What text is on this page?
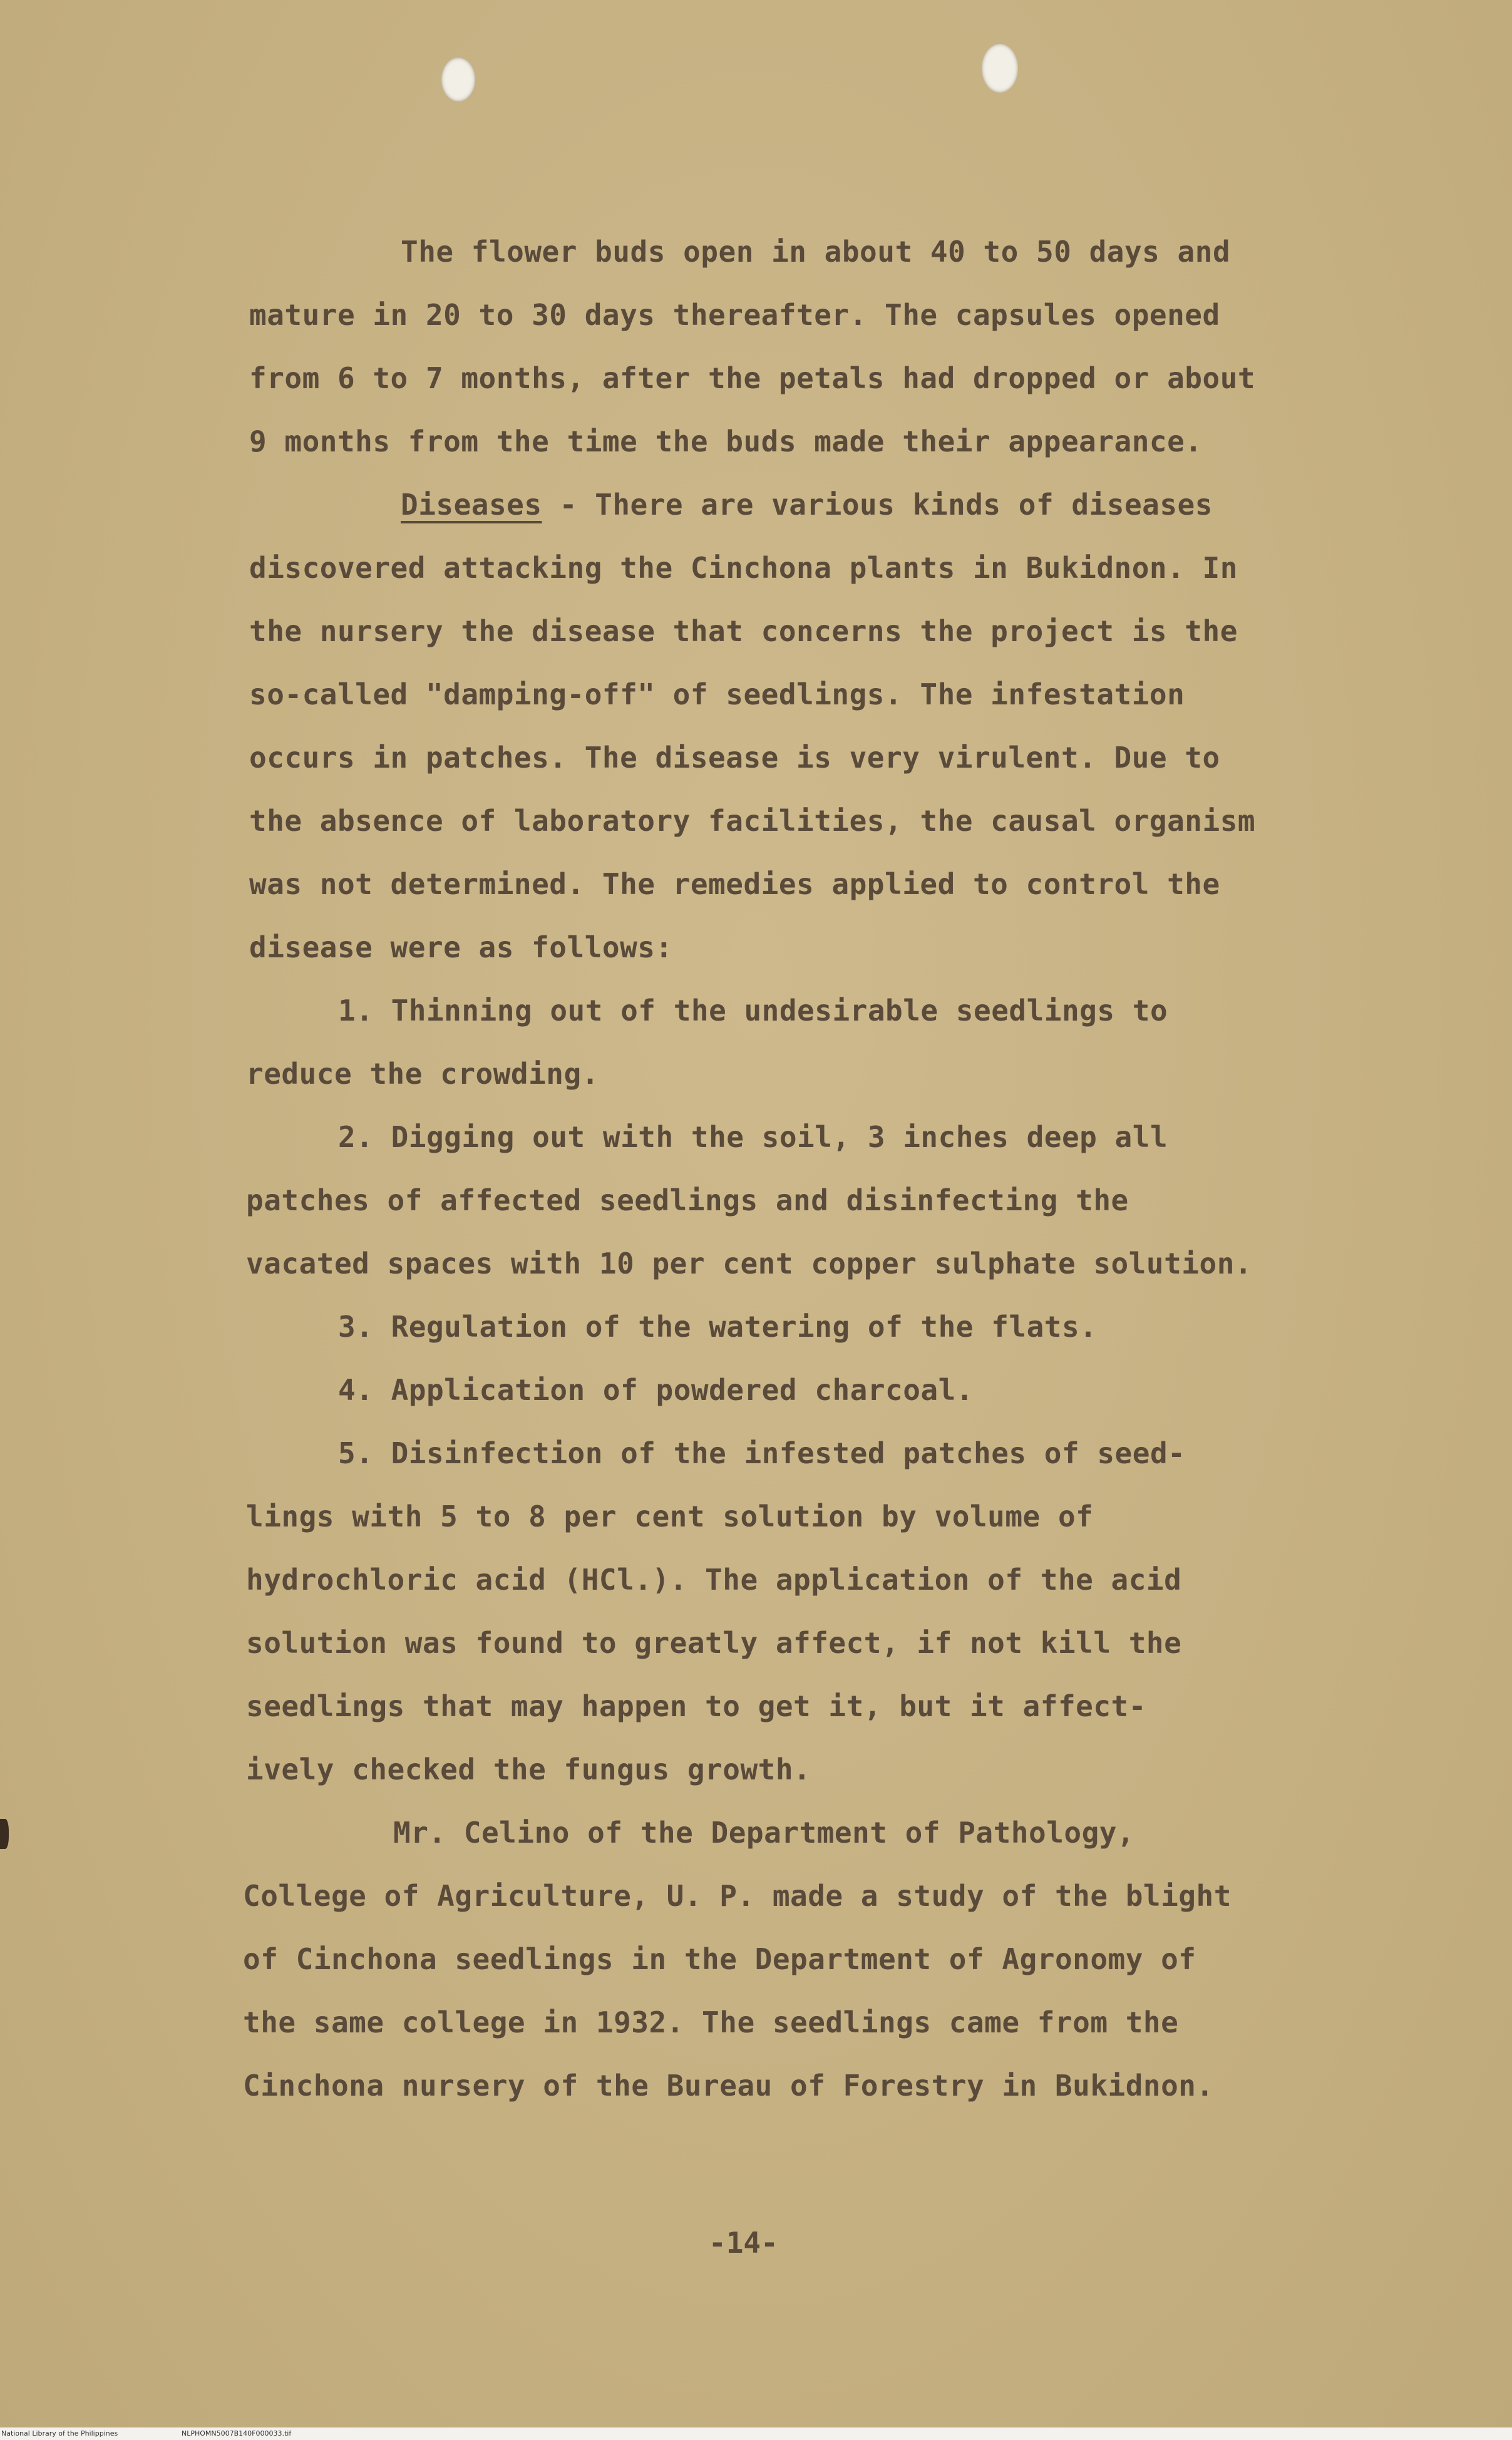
The flower buds open in about 40 to 50 days and

mature in 20 to 30 days thereafter. The capsules opened

from 6 to 7 months, after the petals had dropped or about

9 months from the time the buds made their appearance.

Diseases - There are various kinds of diseases

discovered attacking the Cinchona plants in Bukidnon. In

the nursery the disease that concerns the project is the

so-called "damping-off" of seedlings. The infestation

occurs in patches. The disease is very virulent. Due to

the absence of laboratory facilities, the causal organism

was not determined. The remedies applied to control the

disease were as follows:

1. Thinning out of the undesirable seedlings to

reduce the crowding.

2. Digging out with the soil, 3 inches deep all

patches of affected seedlings and disinfecting the

vacated spaces with 10 per cent copper sulphate solution.

3. Regulation of the watering of the flats.

4. Application of powdered charcoal.

5. Disinfection of the infested patches of seed-

lings with 5 to 8 per cent solution by volume of

hydrochloric acid (HCl.). The application of the acid

solution was found to greatly affect, if not kill the

seedlings that may happen to get it, but it affect-

ively checked the fungus growth.

Mr. Celino of the Department of Pathology,

College of Agriculture, U. P. made a study of the blight

of Cinchona seedlings in the Department of Agronomy of

the same college in 1932. The seedlings came from the

Cinchona nursery of the Bureau of Forestry in Bukidnon.

-14-
National Library of the Philippines	NLPHOMN5007B140F000033.tif
